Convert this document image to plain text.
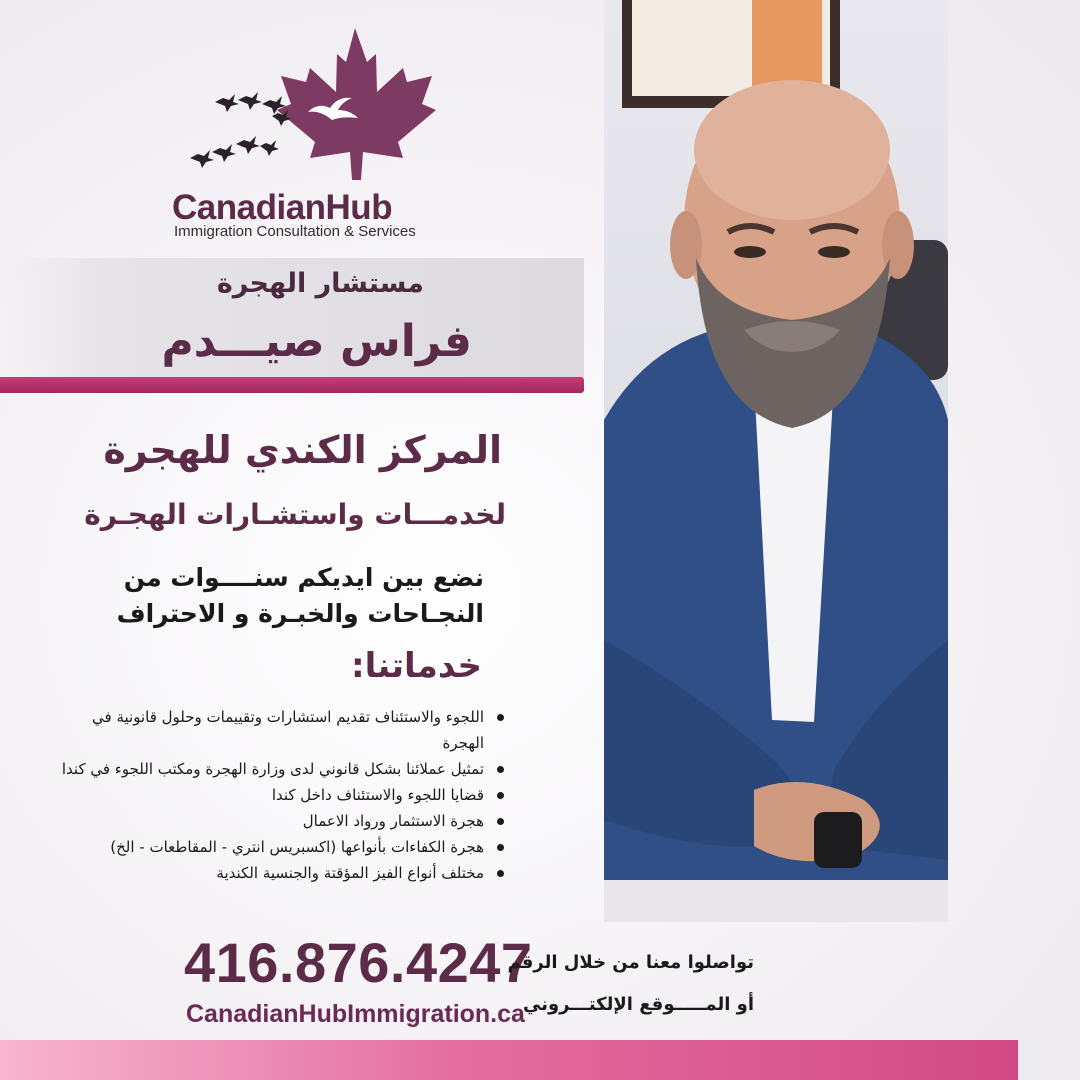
CanadianHub
Immigration Consultation & Services
مستشار الهجرة
فراس صيـــدم
المركز الكندي للهجرة
لخدمـــات واستشـارات الهجـرة
نضع بين ايديكم سنــــوات من النجـاحات والخبـرة و الاحتراف
خدماتنا:
اللجوء والاستئناف تقديم استشارات وتقييمات وحلول قانونية في الهجرة
تمثيل عملائنا بشكل قانوني لدى وزارة الهجرة ومكتب اللجوء في كندا
قضايا اللجوء والاستئناف داخل كندا
هجرة الاستثمار ورواد الاعمال
هجرة الكفاءات بأنواعها (اكسبريس انتري - المقاطعات - الخ)
مختلف أنواع الفيز المؤقتة والجنسية الكندية
416.876.4247
CanadianHubImmigration.ca
تواصلوا معنا من خلال الرقم
أو المـــــوقع الإلكتـــروني
